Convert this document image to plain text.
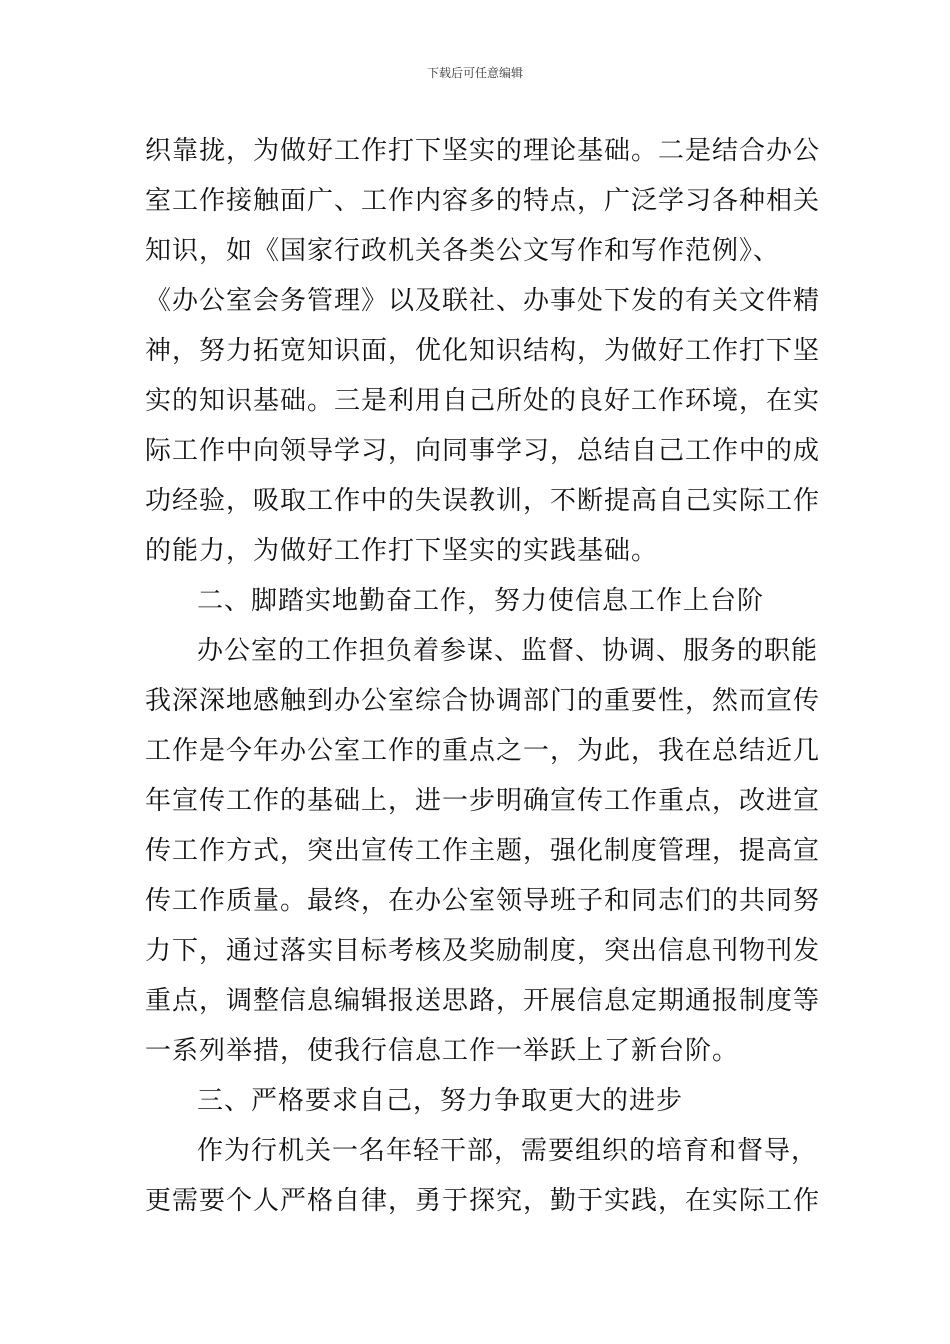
下载后可任意编辑
织靠拢，为做好工作打下坚实的理论基础。二是结合办公
室工作接触面广、工作内容多的特点，广泛学习各种相关
知识，如《国家行政机关各类公文写作和写作范例》、
《办公室会务管理》以及联社、办事处下发的有关文件精
神，努力拓宽知识面，优化知识结构，为做好工作打下坚
实的知识基础。三是利用自己所处的良好工作环境，在实
际工作中向领导学习，向同事学习，总结自己工作中的成
功经验，吸取工作中的失误教训，不断提高自己实际工作
的能力，为做好工作打下坚实的实践基础。
二、脚踏实地勤奋工作，努力使信息工作上台阶
办公室的工作担负着参谋、监督、协调、服务的职能
我深深地感触到办公室综合协调部门的重要性，然而宣传
工作是今年办公室工作的重点之一，为此，我在总结近几
年宣传工作的基础上，进一步明确宣传工作重点，改进宣
传工作方式，突出宣传工作主题，强化制度管理，提高宣
传工作质量。最终，在办公室领导班子和同志们的共同努
力下，通过落实目标考核及奖励制度，突出信息刊物刊发
重点，调整信息编辑报送思路，开展信息定期通报制度等
一系列举措，使我行信息工作一举跃上了新台阶。
三、严格要求自己，努力争取更大的进步
作为行机关一名年轻干部，需要组织的培育和督导，
更需要个人严格自律，勇于探究，勤于实践，在实际工作
